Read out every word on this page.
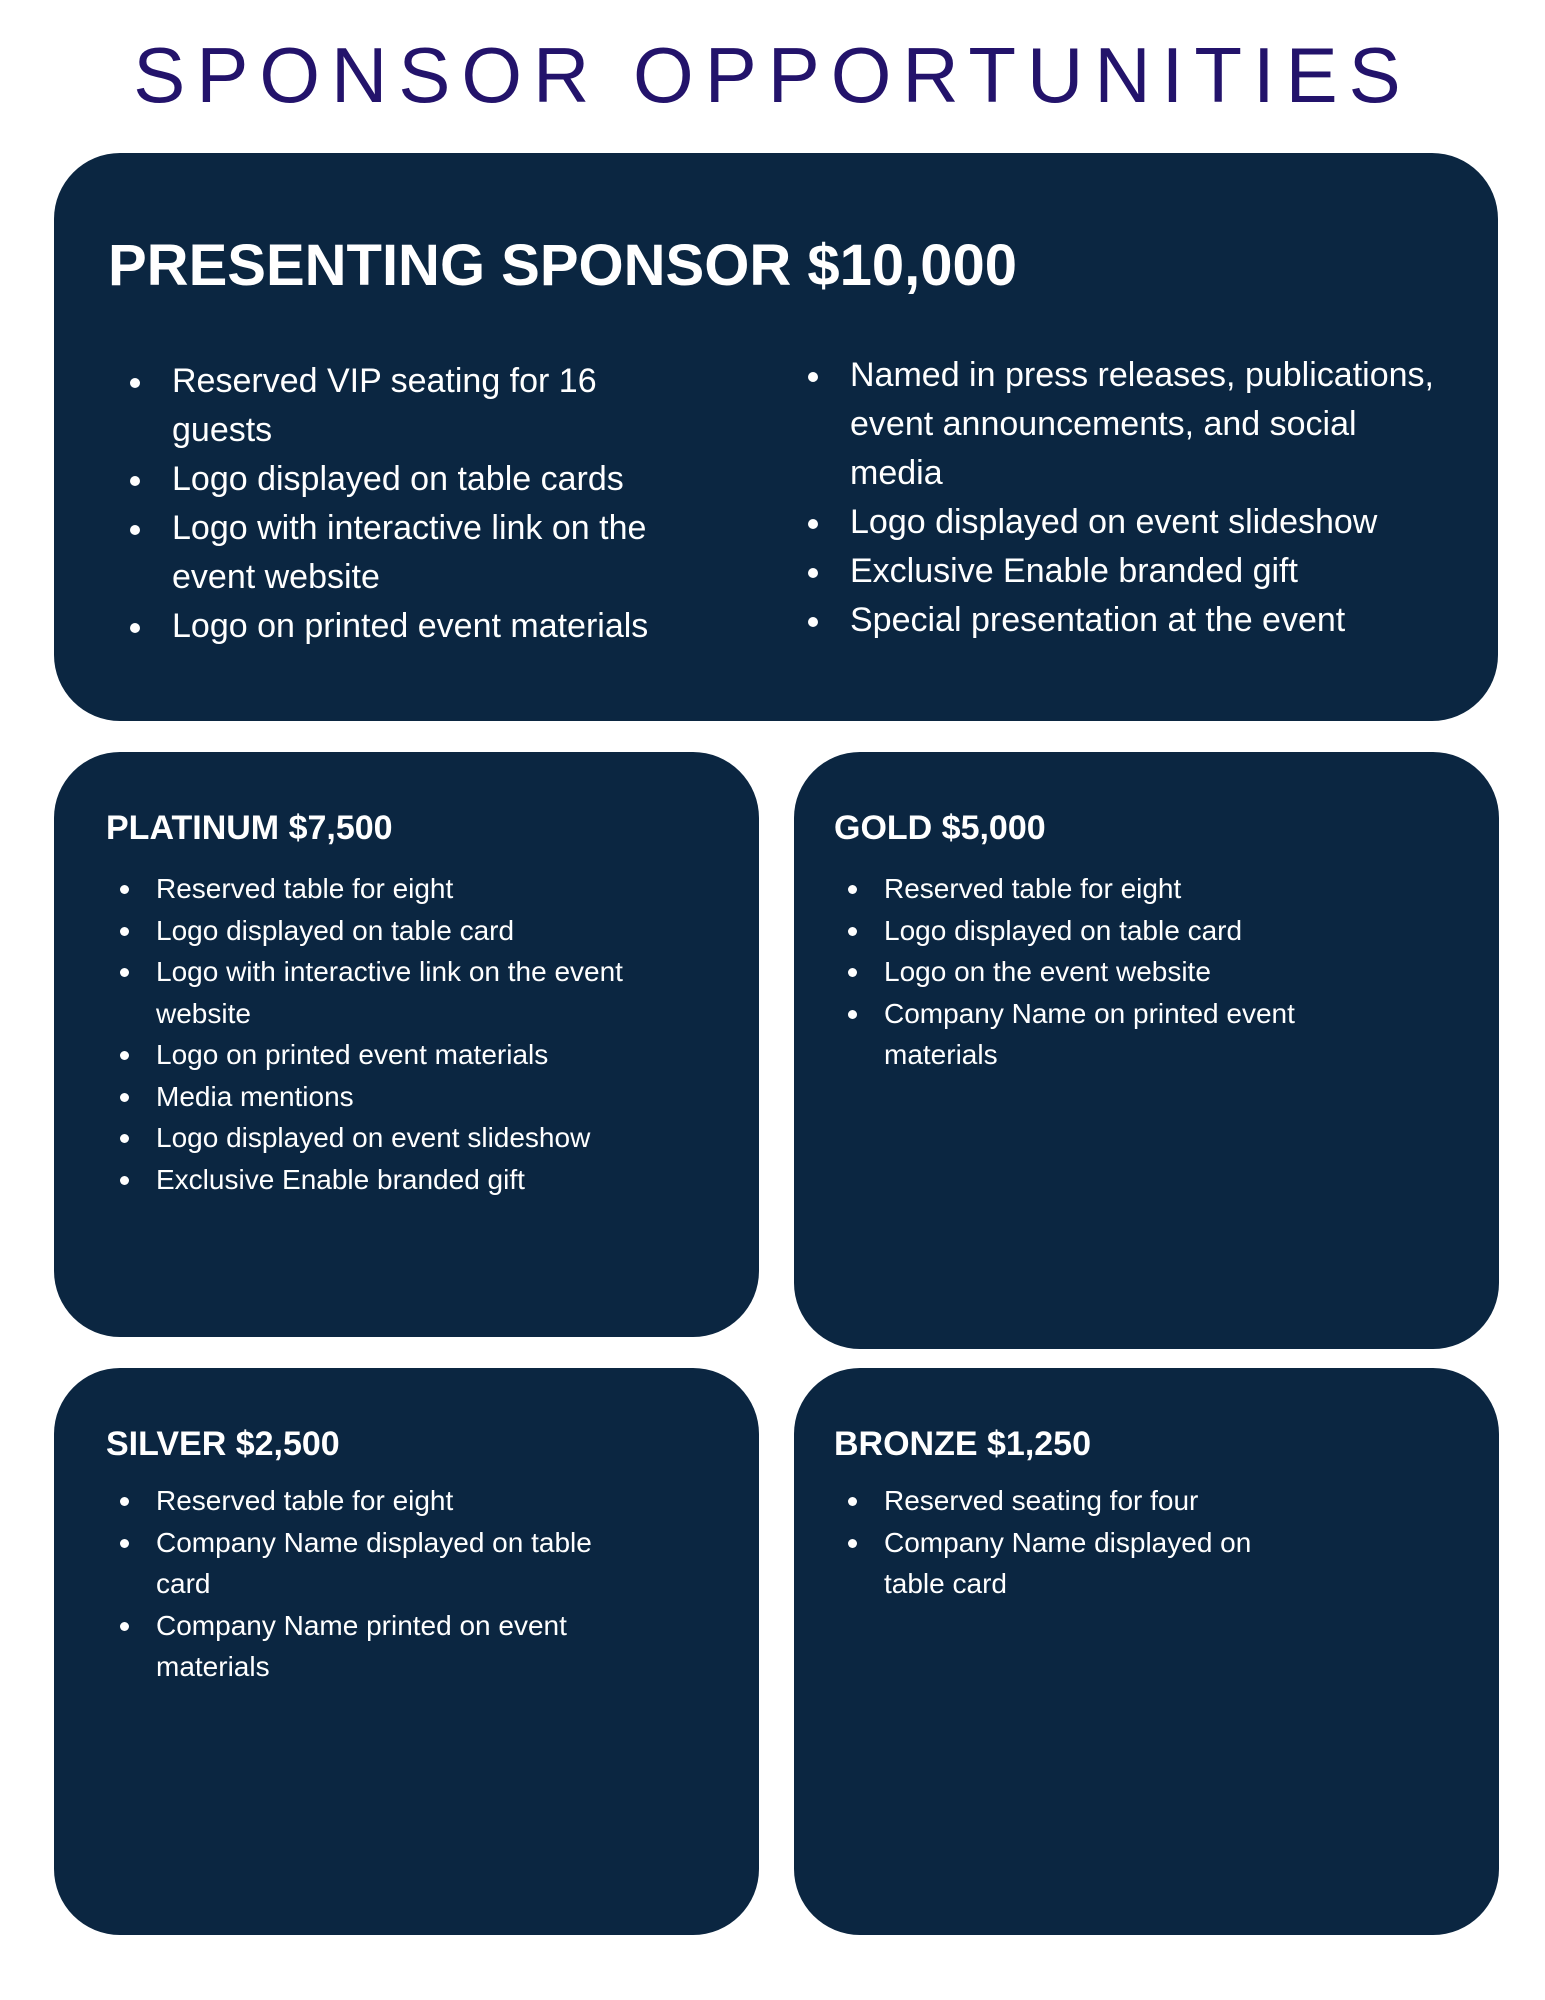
SPONSOR OPPORTUNITIES
PRESENTING SPONSOR $10,000
Reserved VIP seating for 16 guests
Logo displayed on table cards
Logo with interactive link on the event website
Logo on printed event materials
Named in press releases, publications, event announcements, and social media
Logo displayed on event slideshow
Exclusive Enable branded gift
Special presentation at the event
PLATINUM $7,500
Reserved table for eight
Logo displayed on table card
Logo with interactive link on the event website
Logo on printed event materials
Media mentions
Logo displayed on event slideshow
Exclusive Enable branded gift
GOLD $5,000
Reserved table for eight
Logo displayed on table card
Logo on the event website
Company Name on printed event materials
SILVER $2,500
Reserved table for eight
Company Name displayed on table card
Company Name printed on event materials
BRONZE $1,250
Reserved seating for four
Company Name displayed on table card
